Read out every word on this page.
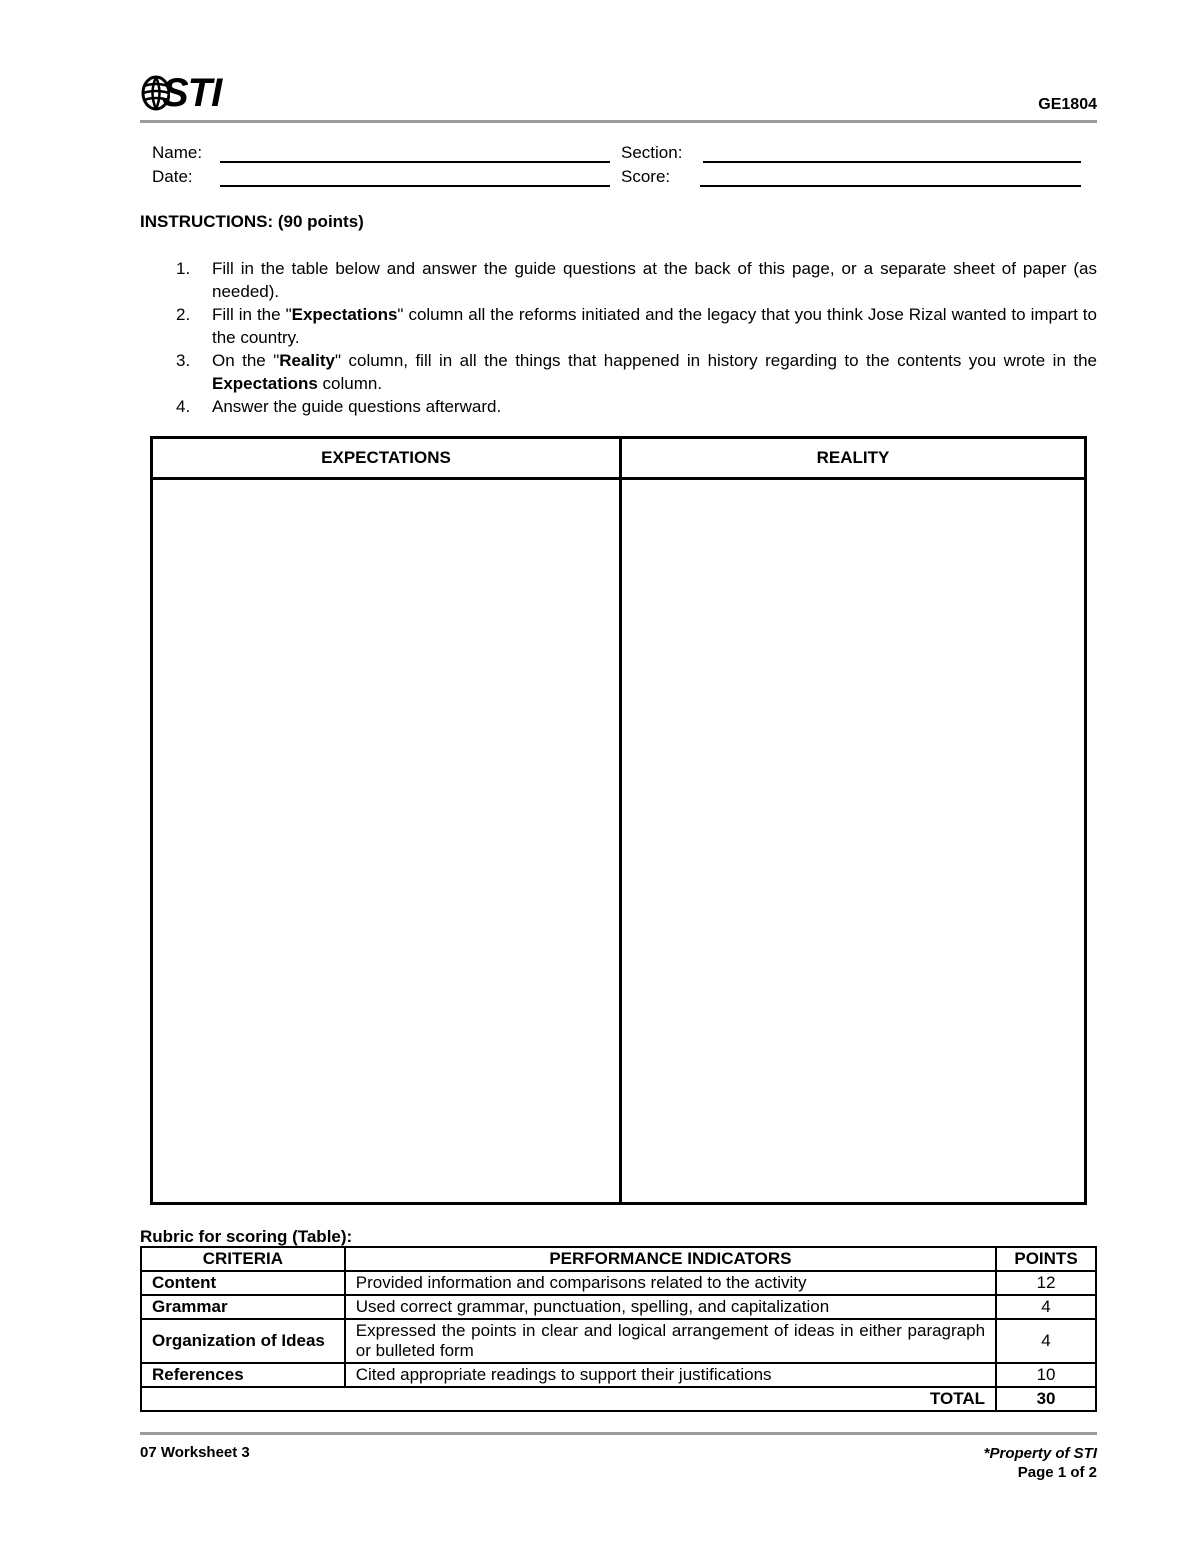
STI	GE1804
Name:	Section:
Date:	Score:
INSTRUCTIONS: (90 points)
1.	Fill in the table below and answer the guide questions at the back of this page, or a separate sheet of paper (as needed).
2.	Fill in the "Expectations" column all the reforms initiated and the legacy that you think Jose Rizal wanted to impart to the country.
3.	On the "Reality" column, fill in all the things that happened in history regarding to the contents you wrote in the Expectations column.
4.	Answer the guide questions afterward.
EXPECTATIONS	REALITY
Rubric for scoring (Table):
CRITERIA	PERFORMANCE INDICATORS	POINTS
Content	Provided information and comparisons related to the activity	12
Grammar	Used correct grammar, punctuation, spelling, and capitalization	4
Organization of Ideas	Expressed the points in clear and logical arrangement of ideas in either paragraph or bulleted form	4
References	Cited appropriate readings to support their justifications	10
TOTAL		30
07 Worksheet 3	*Property of STI
Page 1 of 2
